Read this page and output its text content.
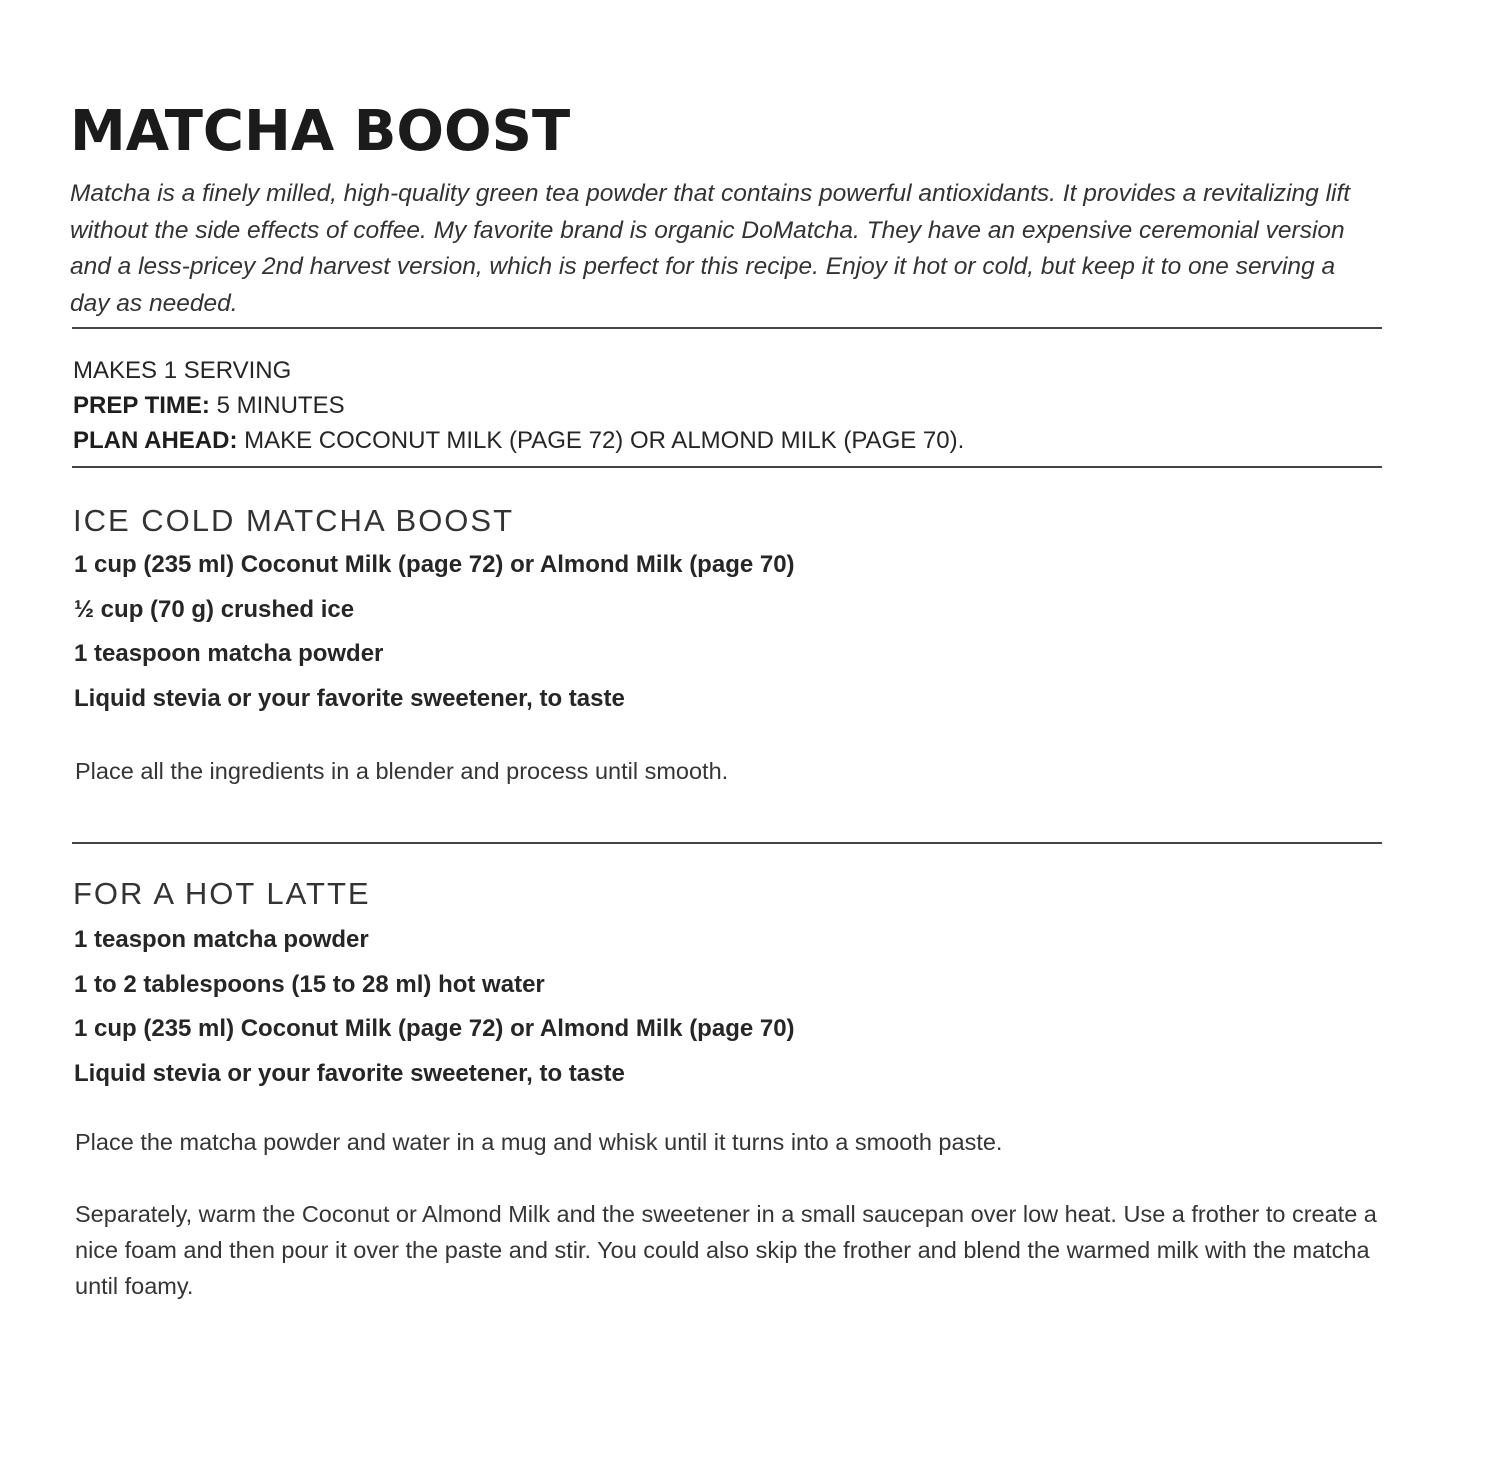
MATCHA BOOST

Matcha is a finely milled, high-quality green tea powder that contains powerful antioxidants. It provides a revitalizing lift without the side effects of coffee. My favorite brand is organic DoMatcha. They have an expensive ceremonial version and a less-pricey 2nd harvest version, which is perfect for this recipe. Enjoy it hot or cold, but keep it to one serving a day as needed.

MAKES 1 SERVING
PREP TIME: 5 MINUTES
PLAN AHEAD: MAKE COCONUT MILK (PAGE 72) OR ALMOND MILK (PAGE 70).
ICE COLD MATCHA BOOST
1 cup (235 ml) Coconut Milk (page 72) or Almond Milk (page 70)
½ cup (70 g) crushed ice
1 teaspoon matcha powder
Liquid stevia or your favorite sweetener, to taste

Place all the ingredients in a blender and process until smooth.

FOR A HOT LATTE
1 teaspon matcha powder
1 to 2 tablespoons (15 to 28 ml) hot water
1 cup (235 ml) Coconut Milk (page 72) or Almond Milk (page 70)
Liquid stevia or your favorite sweetener, to taste

Place the matcha powder and water in a mug and whisk until it turns into a smooth paste.

Separately, warm the Coconut or Almond Milk and the sweetener in a small saucepan over low heat. Use a frother to create a nice foam and then pour it over the paste and stir. You could also skip the frother and blend the warmed milk with the matcha until foamy.
